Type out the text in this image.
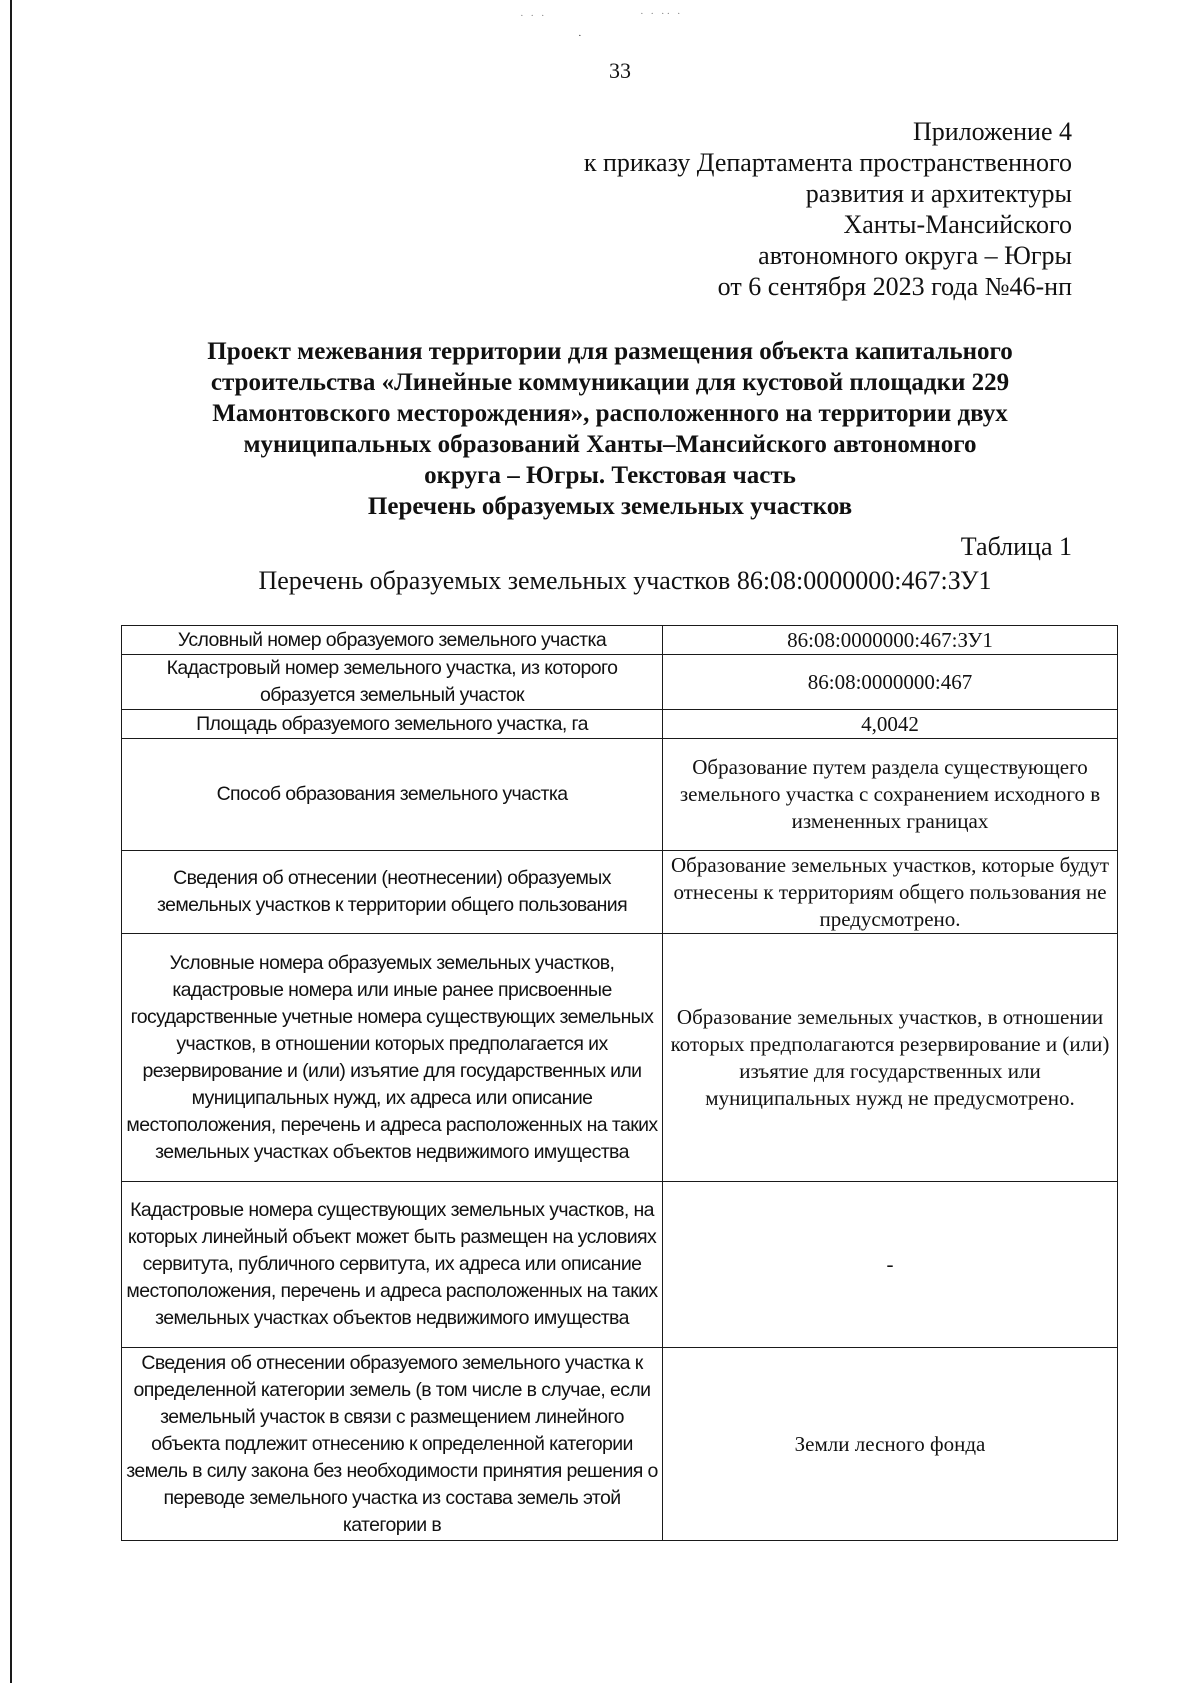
· · ·	· · ·· ·
·
33
Приложение 4
к приказу Департамента пространственного
развития и архитектуры
Ханты-Мансийского
автономного округа – Югры
от 6 сентября 2023 года №46-нп
Проект межевания территории для размещения объекта капитального
строительства «Линейные коммуникации для кустовой площадки 229
Мамонтовского месторождения», расположенного на территории двух
муниципальных образований Ханты–Мансийского автономного
округа – Югры. Текстовая часть
Перечень образуемых земельных участков
Таблица 1
Перечень образуемых земельных участков 86:08:0000000:467:ЗУ1
Условный номер образуемого земельного участка	86:08:0000000:467:ЗУ1
Кадастровый номер земельного участка, из которого образуется земельный участок	86:08:0000000:467
Площадь образуемого земельного участка, га	4,0042
Способ образования земельного участка	Образование путем раздела существующего земельного участка с сохранением исходного в измененных границах
Сведения об отнесении (неотнесении) образуемых земельных участков к территории общего пользования	Образование земельных участков, которые будут отнесены к территориям общего пользования не предусмотрено.
Условные номера образуемых земельных участков, кадастровые номера или иные ранее присвоенные государственные учетные номера существующих земельных участков, в отношении которых предполагается их резервирование и (или) изъятие для государственных или муниципальных нужд, их адреса или описание местоположения, перечень и адреса расположенных на таких земельных участках объектов недвижимого имущества	Образование земельных участков, в отношении которых предполагаются резервирование и (или) изъятие для государственных или муниципальных нужд не предусмотрено.
Кадастровые номера существующих земельных участков, на которых линейный объект может быть размещен на условиях сервитута, публичного сервитута, их адреса или описание местоположения, перечень и адреса расположенных на таких земельных участках объектов недвижимого имущества	-
Сведения об отнесении образуемого земельного участка к определенной категории земель (в том числе в случае, если земельный участок в связи с размещением линейного объекта подлежит отнесению к определенной категории земель в силу закона без необходимости принятия решения о переводе земельного участка из состава земель этой категории в	Земли лесного фонда
